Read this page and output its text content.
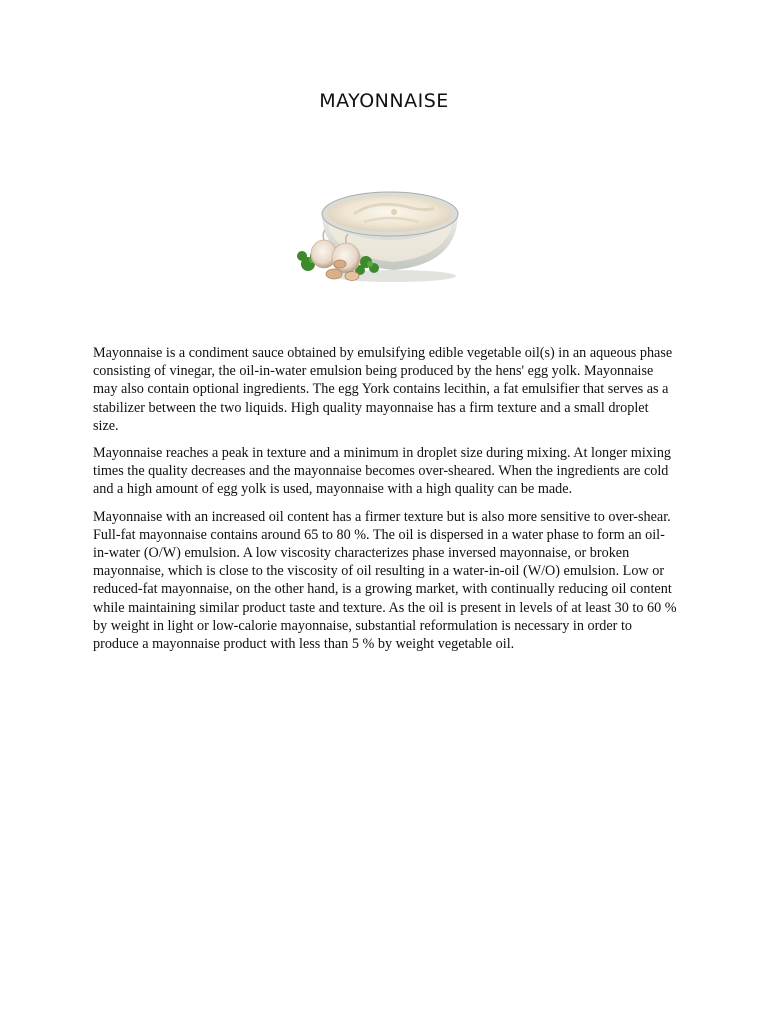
MAYONNAISE

Mayonnaise is a condiment sauce obtained by emulsifying edible vegetable oil(s) in an aqueous phase consisting of vinegar, the oil-in-water emulsion being produced by the hens' egg yolk. Mayonnaise may also contain optional ingredients. The egg York contains lecithin, a fat emulsifier that serves as a stabilizer between the two liquids. High quality mayonnaise has a firm texture and a small droplet size.

Mayonnaise reaches a peak in texture and a minimum in droplet size during mixing. At longer mixing times the quality decreases and the mayonnaise becomes over-sheared. When the ingredients are cold and a high amount of egg yolk is used, mayonnaise with a high quality can be made.

Mayonnaise with an increased oil content has a firmer texture but is also more sensitive to over-shear. Full-fat mayonnaise contains around 65 to 80 %. The oil is dispersed in a water phase to form an oil-in-water (O/W) emulsion. A low viscosity characterizes phase inversed mayonnaise, or broken mayonnaise, which is close to the viscosity of oil resulting in a water-in-oil (W/O) emulsion. Low or reduced-fat mayonnaise, on the other hand, is a growing market, with continually reducing oil content while maintaining similar product taste and texture. As the oil is present in levels of at least 30 to 60 % by weight in light or low-calorie mayonnaise, substantial reformulation is necessary in order to produce a mayonnaise product with less than 5 % by weight vegetable oil.
